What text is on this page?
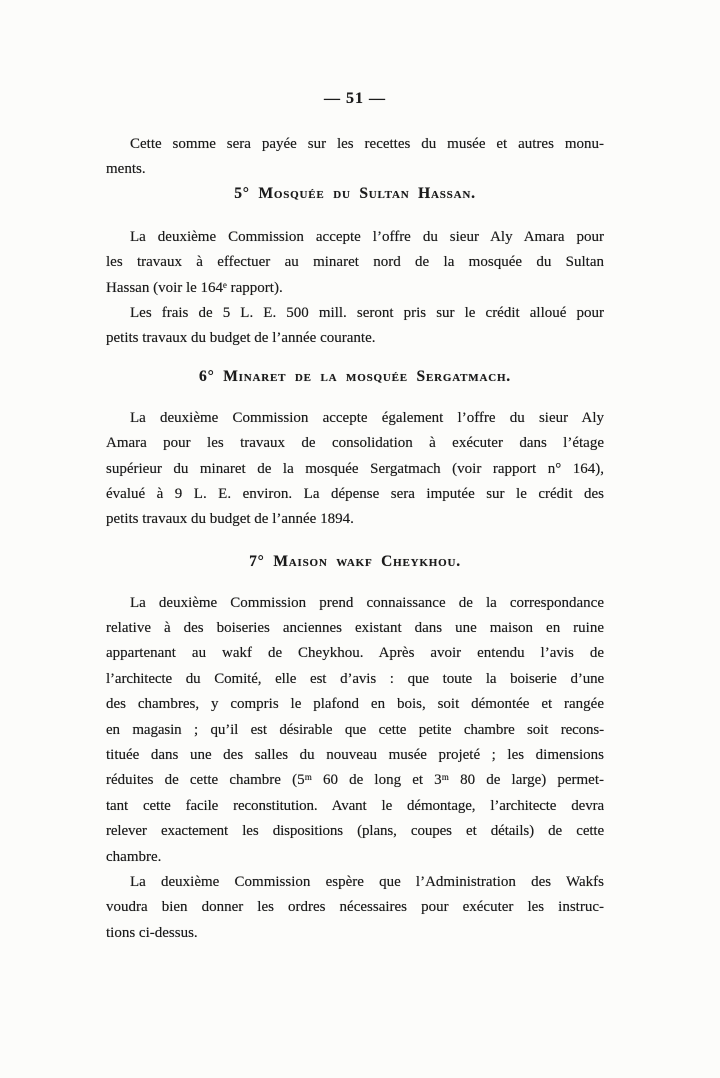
— 51 —
Cette somme sera payée sur les recettes du musée et autres monu-
ments.
5° Mosquée du Sultan Hassan.
La deuxième Commission accepte l’offre du sieur Aly Amara pour
les travaux à effectuer au minaret nord de la mosquée du Sultan
Hassan (voir le 164ᵉ rapport).
Les frais de 5 L. E. 500 mill. seront pris sur le crédit alloué pour
petits travaux du budget de l’année courante.
6° Minaret de la mosquée Sergatmach.
La deuxième Commission accepte également l’offre du sieur Aly
Amara pour les travaux de consolidation à exécuter dans l’étage
supérieur du minaret de la mosquée Sergatmach (voir rapport n° 164),
évalué à 9 L. E. environ. La dépense sera imputée sur le crédit des
petits travaux du budget de l’année 1894.
7° Maison wakf Cheykhou.
La deuxième Commission prend connaissance de la correspondance
relative à des boiseries anciennes existant dans une maison en ruine
appartenant au wakf de Cheykhou. Après avoir entendu l’avis de
l’architecte du Comité, elle est d’avis : que toute la boiserie d’une
des chambres, y compris le plafond en bois, soit démontée et rangée
en magasin ; qu’il est désirable que cette petite chambre soit recons-
tituée dans une des salles du nouveau musée projeté ; les dimensions
réduites de cette chambre (5ᵐ 60 de long et 3ᵐ 80 de large) permet-
tant cette facile reconstitution. Avant le démontage, l’architecte devra
relever exactement les dispositions (plans, coupes et détails) de cette
chambre.
La deuxième Commission espère que l’Administration des Wakfs
voudra bien donner les ordres nécessaires pour exécuter les instruc-
tions ci-dessus.
